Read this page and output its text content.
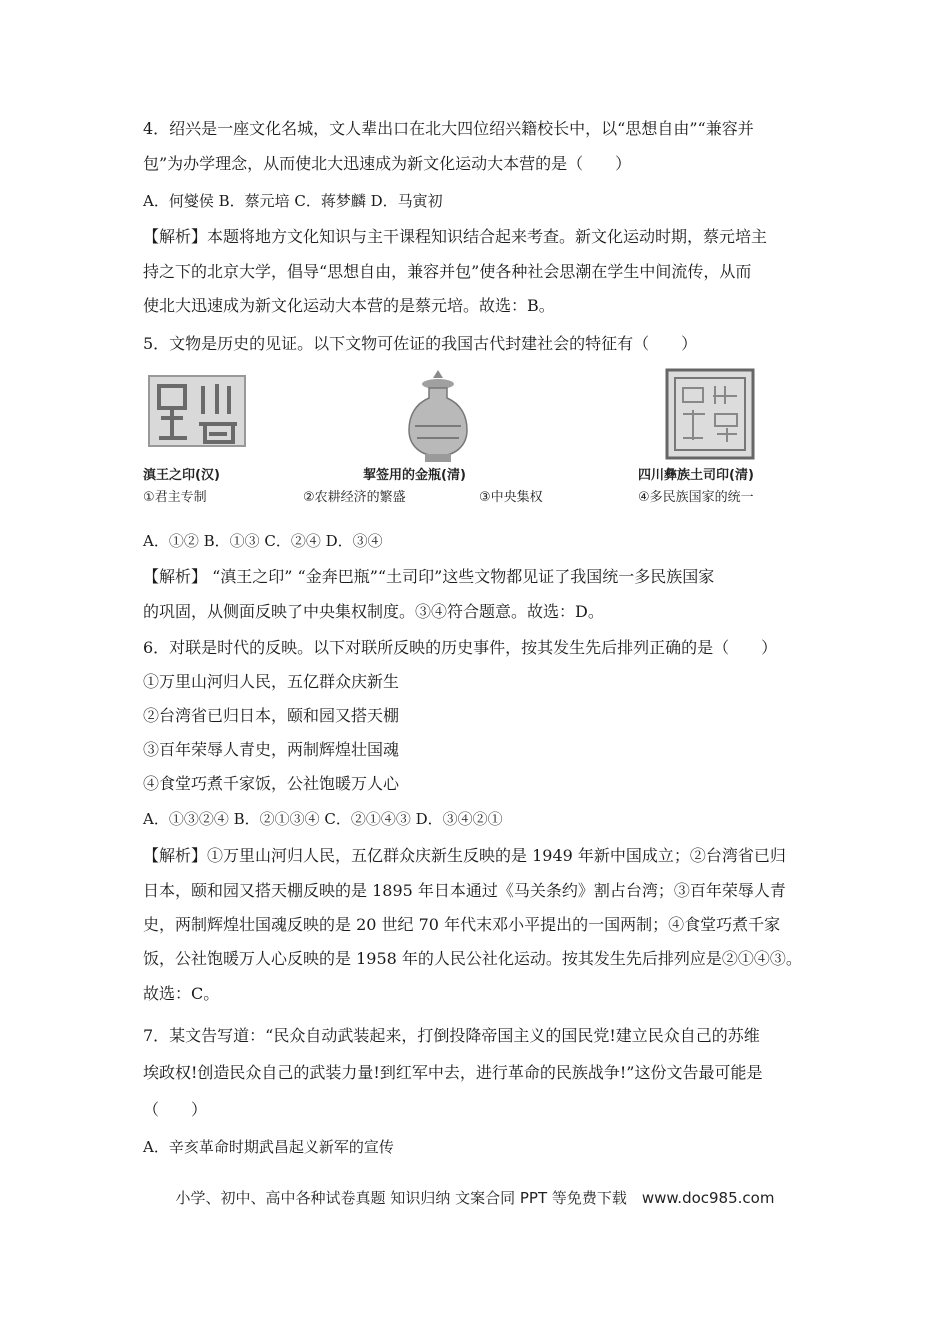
4．绍兴是一座文化名城，文人辈出口在北大四位绍兴籍校长中，以“思想自由”“兼容并
包”为办学理念，从而使北大迅速成为新文化运动大本营的是（　　）
A．何燮侯 B．蔡元培 C．蒋梦麟 D．马寅初
【解析】本题将地方文化知识与主干课程知识结合起来考查。新文化运动时期，蔡元培主
持之下的北京大学，倡导“思想自由，兼容并包”使各种社会思潮在学生中间流传，从而
使北大迅速成为新文化运动大本营的是蔡元培。故选：B。
5．文物是历史的见证。以下文物可佐证的我国古代封建社会的特征有（　　）
滇王之印(汉)	挈签用的金瓶(清)	四川彝族土司印(清)
①君主专制	②农耕经济的繁盛	③中央集权	④多民族国家的统一
A．①② B．①③ C．②④ D．③④
【解析】 “滇王之印” “金奔巴瓶”“土司印”这些文物都见证了我国统一多民族国家
的巩固，从侧面反映了中央集权制度。③④符合题意。故选：D。
6．对联是时代的反映。以下对联所反映的历史事件，按其发生先后排列正确的是（　　）
①万里山河归人民，五亿群众庆新生
②台湾省已归日本，颐和园又搭天棚
③百年荣辱人青史，两制辉煌壮国魂
④食堂巧煮千家饭，公社饱暖万人心
A．①③②④ B．②①③④ C．②①④③ D．③④②①
【解析】①万里山河归人民，五亿群众庆新生反映的是 1949 年新中国成立；②台湾省已归
日本，颐和园又搭天棚反映的是 1895 年日本通过《马关条约》割占台湾；③百年荣辱人青
史，两制辉煌壮国魂反映的是 20 世纪 70 年代末邓小平提出的一国两制；④食堂巧煮千家
饭，公社饱暖万人心反映的是 1958 年的人民公社化运动。按其发生先后排列应是②①④③。
故选：C。
7．某文告写道：“民众自动武装起来，打倒投降帝国主义的国民党!建立民众自己的苏维
埃政权!创造民众自己的武装力量!到红军中去，进行革命的民族战争!”这份文告最可能是
（　　）
A．辛亥革命时期武昌起义新军的宣传
小学、初中、高中各种试卷真题 知识归纳 文案合同 PPT 等免费下载　www.doc985.com
